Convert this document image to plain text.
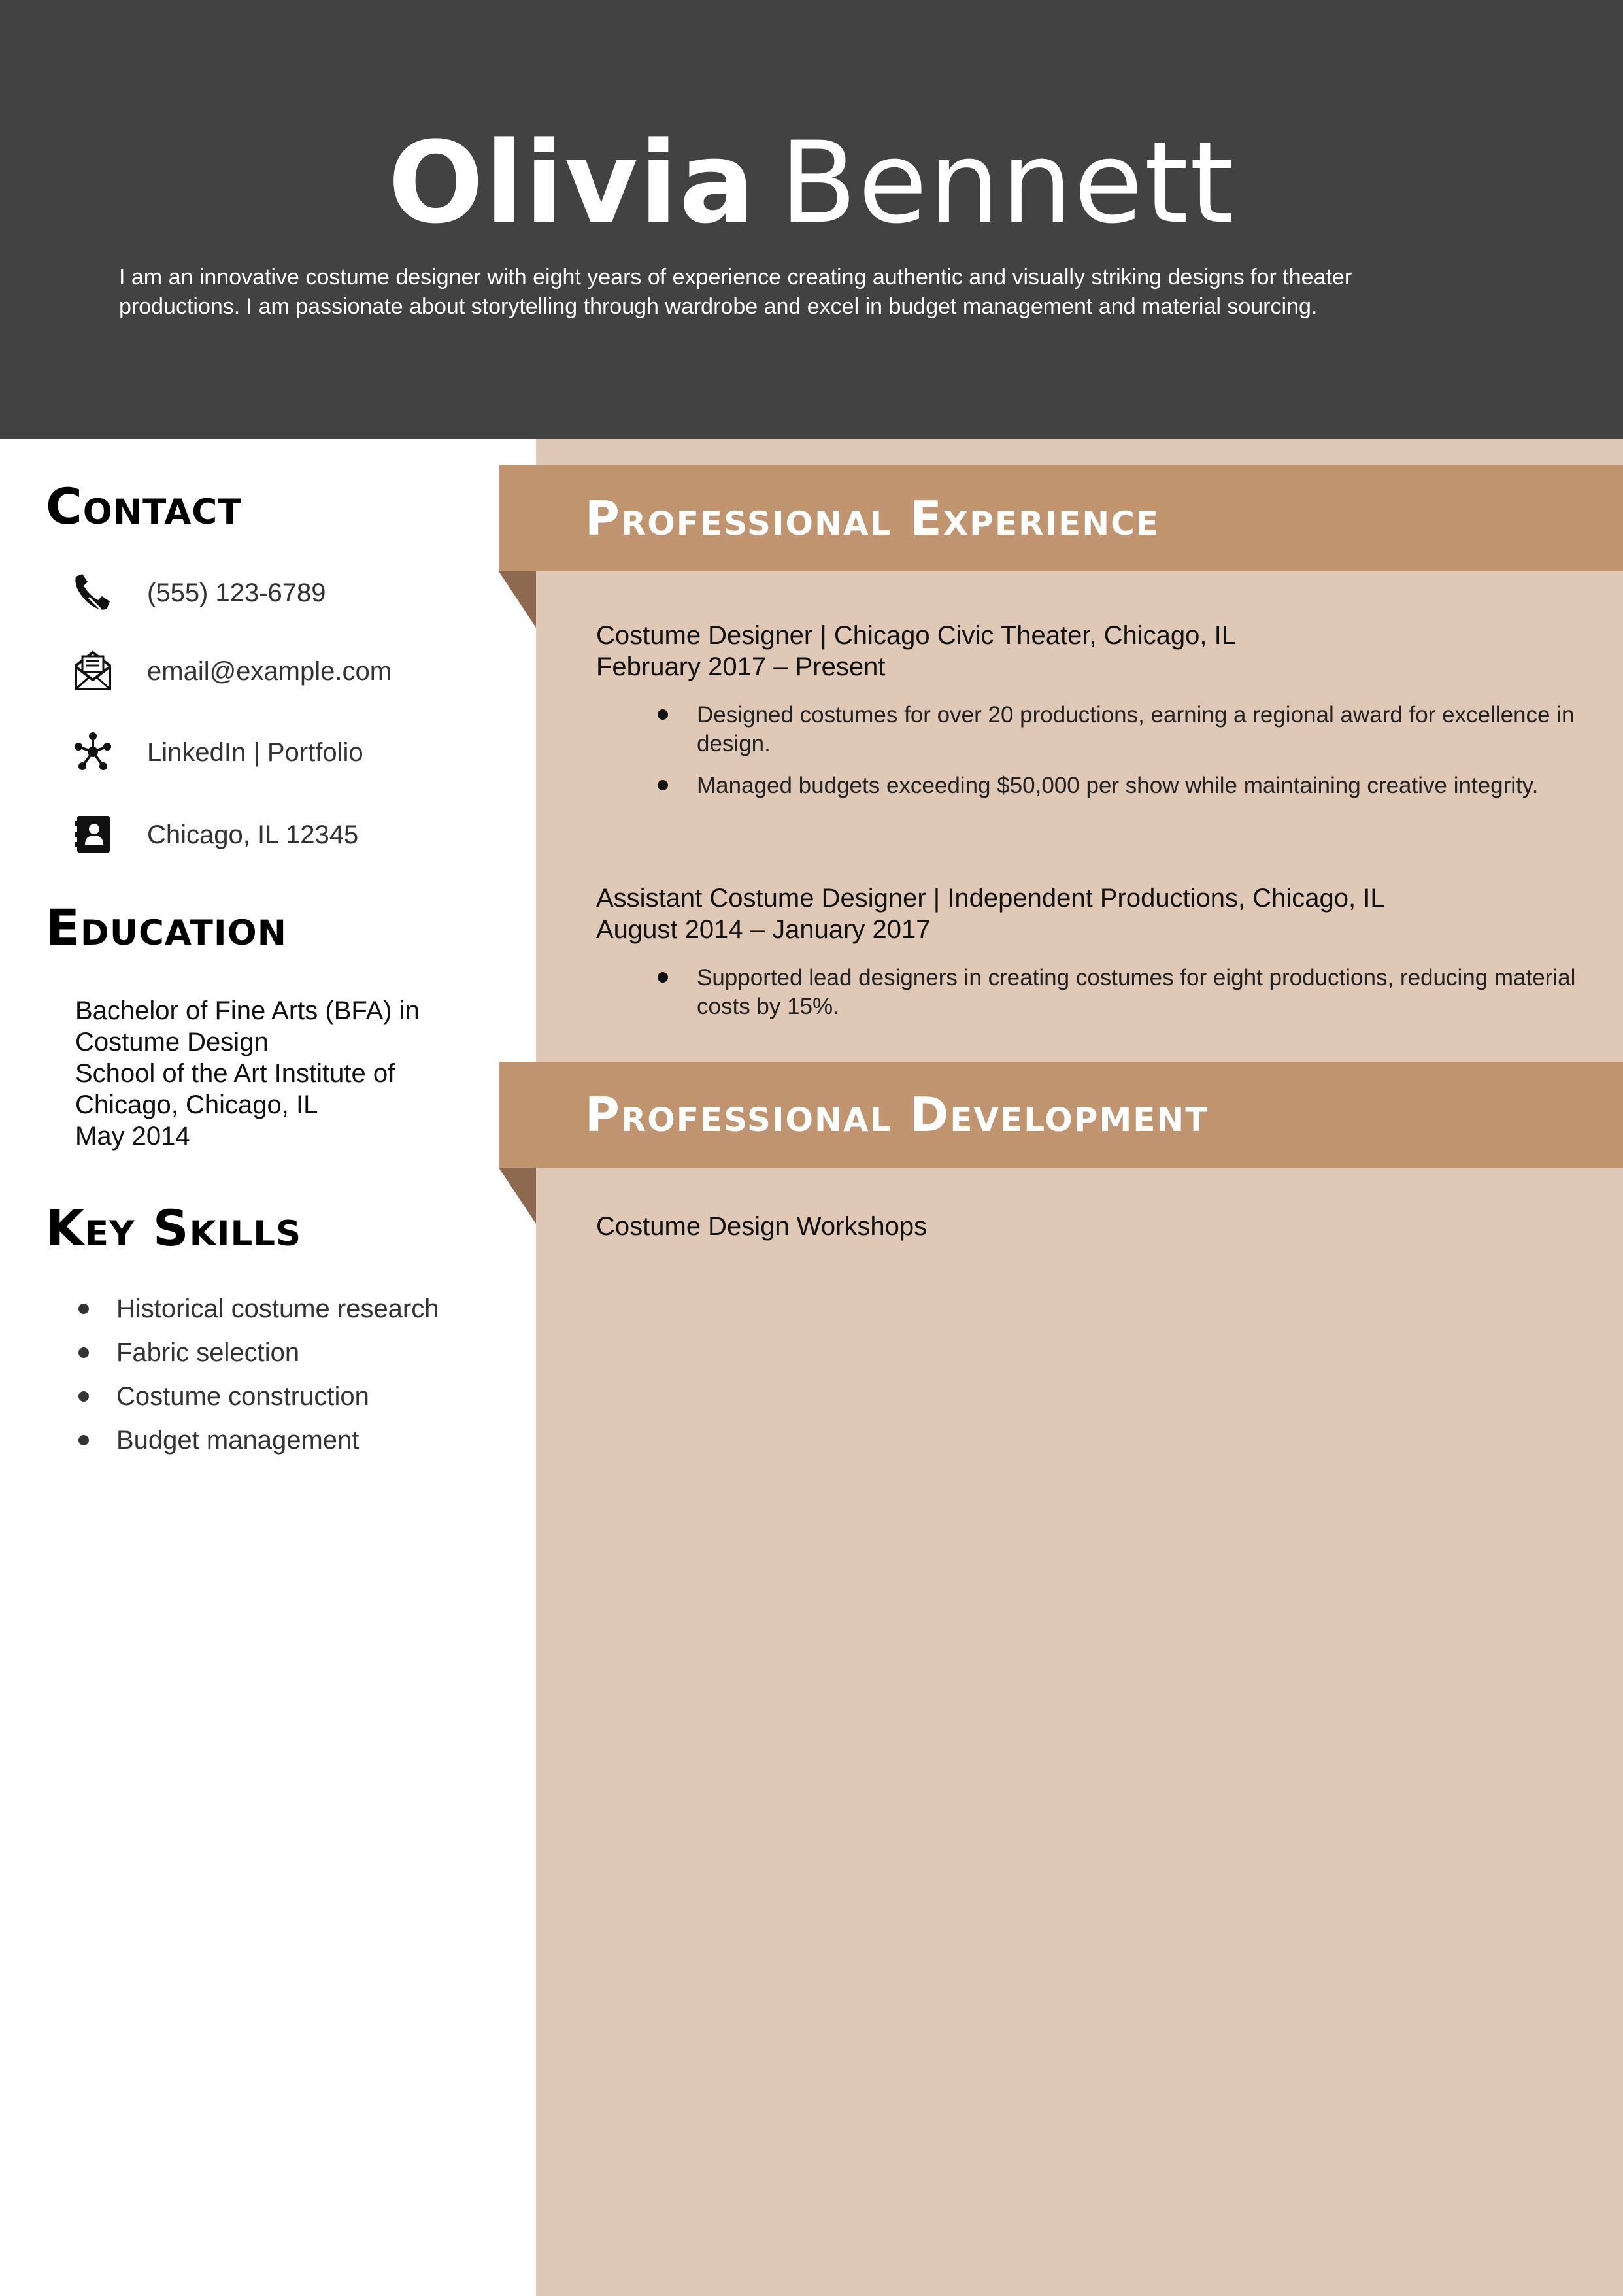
Olivia Bennett
I am an innovative costume designer with eight years of experience creating authentic and visually striking designs for theater productions. I am passionate about storytelling through wardrobe and excel in budget management and material sourcing.
Contact
(555) 123-6789
email@example.com
LinkedIn | Portfolio
Chicago, IL 12345
Education
Bachelor of Fine Arts (BFA) in
Costume Design
School of the Art Institute of
Chicago, Chicago, IL
May 2014
Key Skills
Historical costume research
Fabric selection
Costume construction
Budget management
Professional Experience
Costume Designer | Chicago Civic Theater, Chicago, IL
February 2017 – Present
Designed costumes for over 20 productions, earning a regional award for excellence in design.
Managed budgets exceeding $50,000 per show while maintaining creative integrity.
Assistant Costume Designer | Independent Productions, Chicago, IL
August 2014 – January 2017
Supported lead designers in creating costumes for eight productions, reducing material costs by 15%.
Professional Development
Costume Design Workshops
